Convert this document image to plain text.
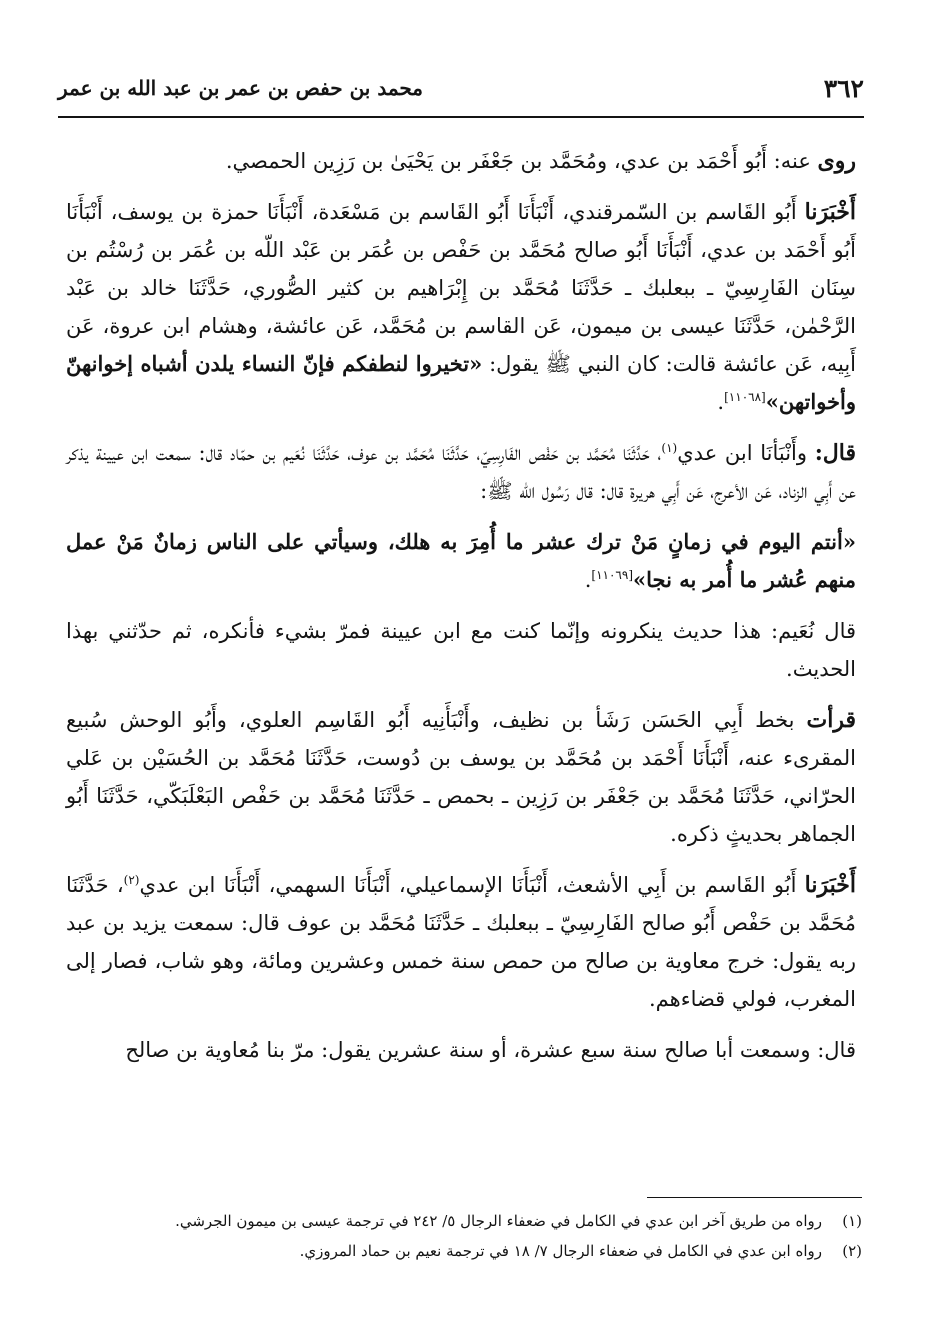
٣٦٢
محمد بن حفص بن عمر بن عبد الله بن عمر

روى عنه: أَبُو أَحْمَد بن عدي، ومُحَمَّد بن جَعْفَر بن يَحْيَىٰ بن رَزِين الحمصي.

أَخْبَرَنا أَبُو القَاسم بن السّمرقندي، أَنْبَأَنَا أَبُو القَاسم بن مَسْعَدة، أَنْبَأَنَا حمزة بن يوسف، أَنْبَأَنَا أَبُو أَحْمَد بن عدي، أَنْبَأَنَا أَبُو صالح مُحَمَّد بن حَفْص بن عُمَر بن عَبْد اللّه بن عُمَر بن رُسْتُم بن سِنَان الفَارِسِيّ ـ ببعلبك ـ حَدَّثَنَا مُحَمَّد بن إِبْرَاهيم بن كثير الصُّوري، حَدَّثَنَا خالد بن عَبْد الرَّحْمٰن، حَدَّثَنَا عيسى بن ميمون، عَن القاسم بن مُحَمَّد، عَن عائشة، وهشام ابن عروة، عَن أَبِيه، عَن عائشة قالت: كان النبي ﷺ يقول: «تخيروا لنطفكم فإنّ النساء يلدن أشباه إخوانهنّ وأخواتهن»[١١٠٦٨].

قال: وأَنْبَأنَا ابن عدي$^{(١)}$، حَدَّثَنَا مُحَمَّد بن حَفْص الفَارِسِيّ، حَدَّثَنَا مُحَمَّد بن عوف، حَدَّثَنَا نُعَيم بن حمّاد قال: سمعت ابن عيينة يذكر عن أَبِي الزناد، عَن الأعرج، عَن أَبِي هريرة قال: قال رَسُول اللّه ﷺ:

«أنتم اليوم في زمانٍ مَنْ ترك عشر ما أُمِرَ به هلك، وسيأتي على الناس زمانٌ مَنْ عمل منهم عُشر ما أُمر به نجا»[١١٠٦٩].

قال نُعَيم: هذا حديث ينكرونه وإنّما كنت مع ابن عيينة فمرّ بشيء فأنكره، ثم حدّثني بهذا الحديث.

قرأت بخط أَبِي الحَسَن رَشَأ بن نظيف، وأَنْبَأَنِيه أَبُو القَاسِم العلوي، وأَبُو الوحش سُبيع المقرىء عنه، أَنْبَأَنَا أَحْمَد بن مُحَمَّد بن يوسف بن دُوست، حَدَّثَنَا مُحَمَّد بن الحُسَيْن بن عَلي الحرّاني، حَدَّثَنَا مُحَمَّد بن جَعْفَر بن رَزِين ـ بحمص ـ حَدَّثَنَا مُحَمَّد بن حَفْص البَعْلَبَكّي، حَدَّثَنَا أَبُو الجماهر بحديثٍ ذكره.

أَخْبَرَنا أَبُو القَاسم بن أَبِي الأشعث، أَنْبَأَنَا الإسماعيلي، أَنْبَأَنَا السهمي، أَنْبَأَنَا ابن عدي$^{(٢)}$، حَدَّثَنَا مُحَمَّد بن حَفْص أَبُو صالح الفَارِسِيّ ـ ببعلبك ـ حَدَّثَنَا مُحَمَّد بن عوف قال: سمعت يزيد بن عبد ربه يقول: خرج معاوية بن صالح من حمص سنة خمس وعشرين ومائة، وهو شاب، فصار إلى المغرب، فولي قضاءهم.

قال: وسمعت أبا صالح سنة سبع عشرة، أو سنة عشرين يقول: مرّ بنا مُعاوية بن صالح

(١)
رواه من طريق آخر ابن عدي في الكامل في ضعفاء الرجال ٥/ ٢٤٢ في ترجمة عيسى بن ميمون الجرشي.
(٢)
رواه ابن عدي في الكامل في ضعفاء الرجال ٧/ ١٨ في ترجمة نعيم بن حماد المروزي.
